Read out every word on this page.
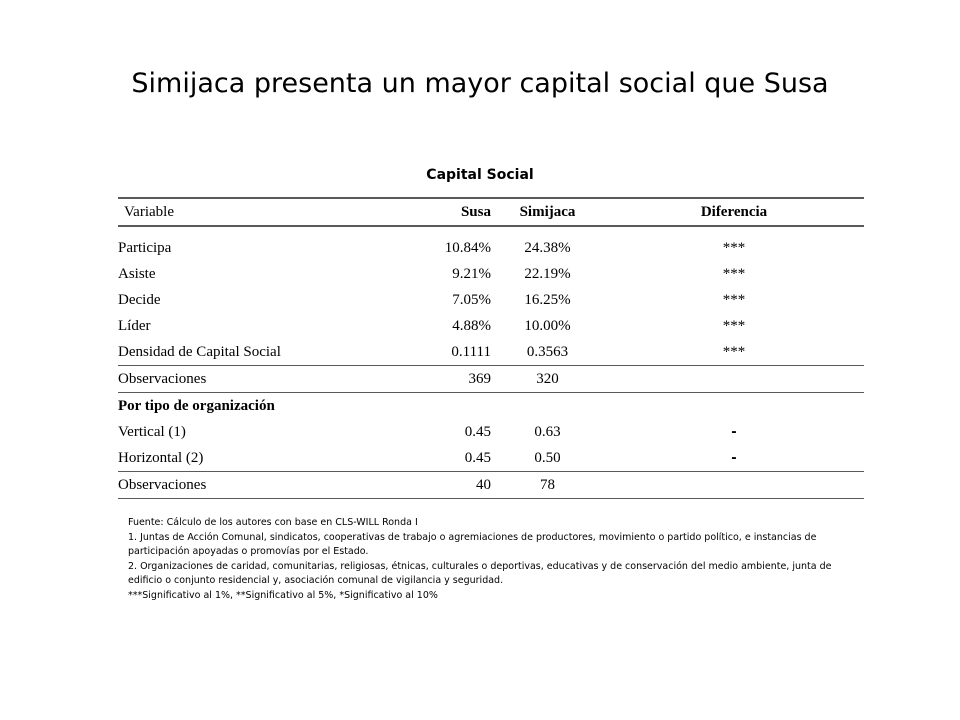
Simijaca presenta un mayor capital social que Susa
Capital Social
Variable	Susa	Simijaca	Diferencia

Participa	10.84%	24.38%	***
Asiste	9.21%	22.19%	***
Decide	7.05%	16.25%	***
Líder	4.88%	10.00%	***
Densidad de Capital Social	0.1111	0.3563	***
Observaciones	369	320	
Por tipo de organización			
Vertical (1)	0.45	0.63	-
Horizontal (2)	0.45	0.50	-
Observaciones	40	78	

Fuente: Cálculo de los autores con base en CLS-WILL Ronda I

1. Juntas de Acción Comunal, sindicatos, cooperativas de trabajo o agremiaciones de productores, movimiento o partido político, e instancias de participación apoyadas o promovías por el Estado.

2. Organizaciones de caridad, comunitarias, religiosas, étnicas, culturales o deportivas, educativas y de conservación del medio ambiente, junta de edificio o conjunto residencial y, asociación comunal de vigilancia y seguridad.

***Significativo al 1%, **Significativo al 5%, *Significativo al 10%
